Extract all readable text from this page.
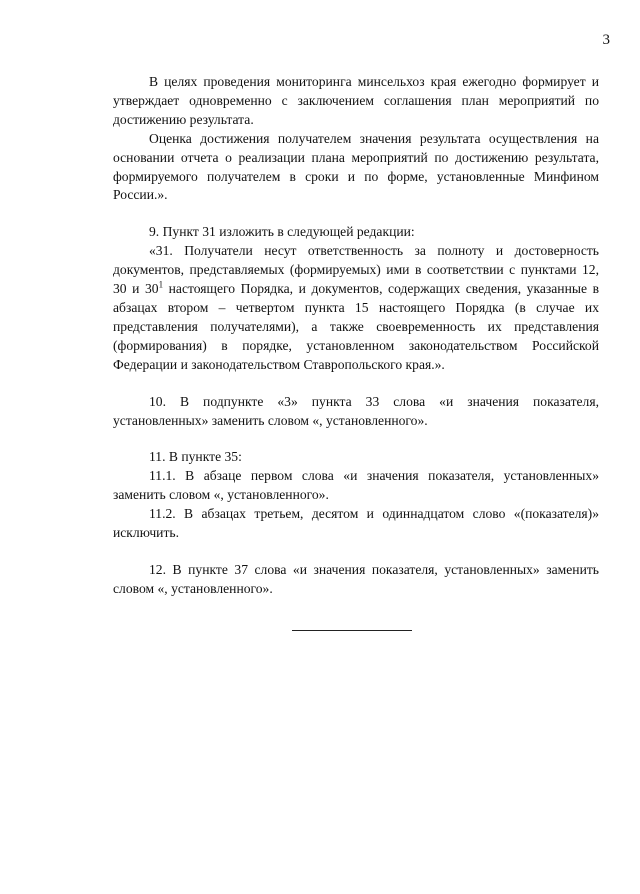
3

В целях проведения мониторинга минсельхоз края ежегодно формирует и утверждает одновременно с заключением соглашения план мероприятий по достижению результата.

Оценка достижения получателем значения результата осуществления на основании отчета о реализации плана мероприятий по достижению результата, формируемого получателем в сроки и по форме, установленные Минфином России.».

9. Пункт 31 изложить в следующей редакции:

«31. Получатели несут ответственность за полноту и достоверность документов, представляемых (формируемых) ими в соответствии с пунктами 12, 30 и $30^1$ настоящего Порядка, и документов, содержащих сведения, указанные в абзацах втором – четвертом пункта 15 настоящего Порядка (в случае их представления получателями), а также своевременность их представления (формирования) в порядке, установленном законодательством Российской Федерации и законодательством Ставропольского края.».

10. В подпункте «3» пункта 33 слова «и значения показателя, установленных» заменить словом «, установленного».

11. В пункте 35:

11.1. В абзаце первом слова «и значения показателя, установленных» заменить словом «, установленного».

11.2. В абзацах третьем, десятом и одиннадцатом слово «(показателя)» исключить.

12. В пункте 37 слова «и значения показателя, установленных» заменить словом «, установленного».
